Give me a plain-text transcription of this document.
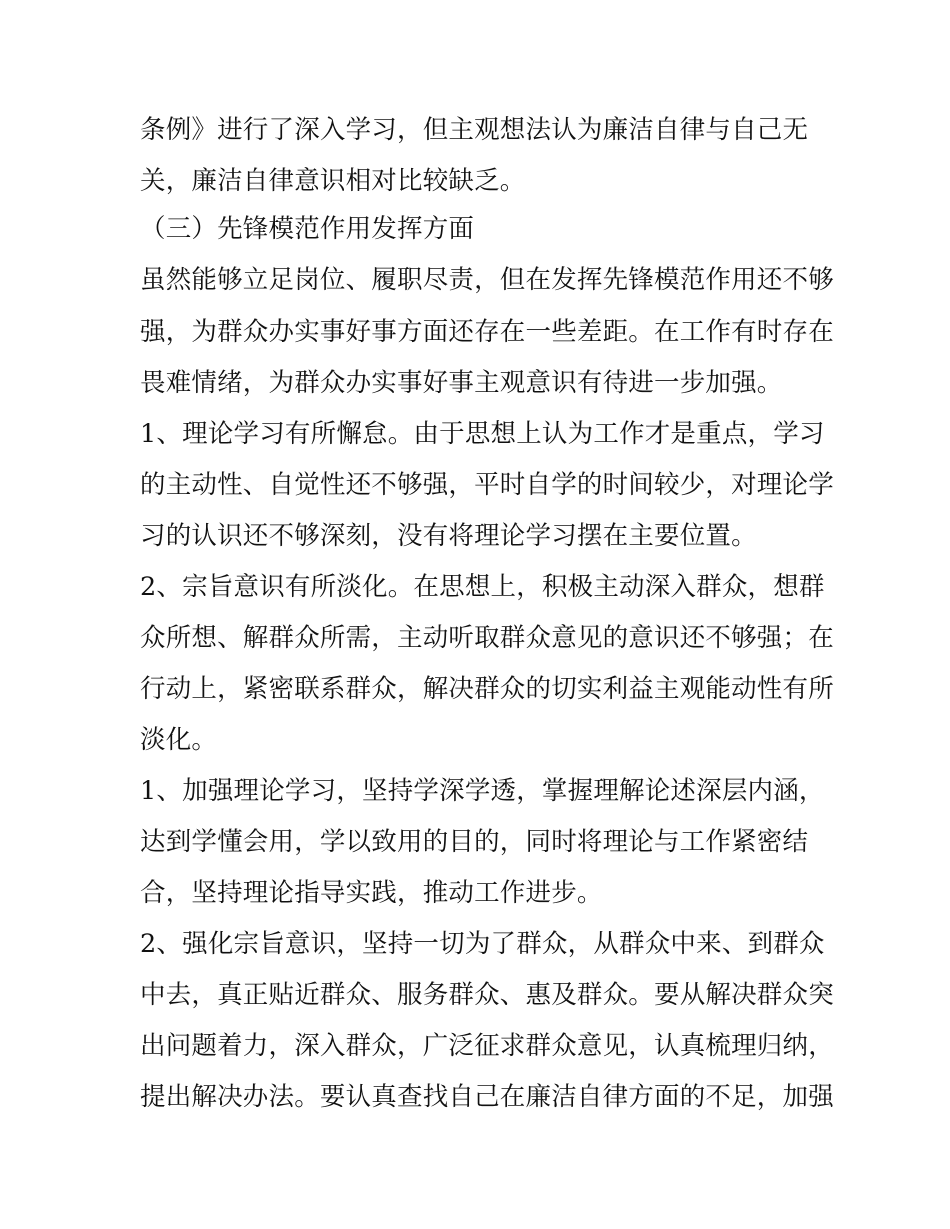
条例》进行了深入学习，但主观想法认为廉洁自律与自己无
关，廉洁自律意识相对比较缺乏。
（三）先锋模范作用发挥方面
虽然能够立足岗位、履职尽责，但在发挥先锋模范作用还不够
强，为群众办实事好事方面还存在一些差距。在工作有时存在
畏难情绪，为群众办实事好事主观意识有待进一步加强。
1、理论学习有所懈怠。由于思想上认为工作才是重点，学习
的主动性、自觉性还不够强，平时自学的时间较少，对理论学
习的认识还不够深刻，没有将理论学习摆在主要位置。
2、宗旨意识有所淡化。在思想上，积极主动深入群众，想群
众所想、解群众所需，主动听取群众意见的意识还不够强；在
行动上，紧密联系群众，解决群众的切实利益主观能动性有所
淡化。
1、加强理论学习，坚持学深学透，掌握理解论述深层内涵，
达到学懂会用，学以致用的目的，同时将理论与工作紧密结
合，坚持理论指导实践，推动工作进步。
2、强化宗旨意识，坚持一切为了群众，从群众中来、到群众
中去，真正贴近群众、服务群众、惠及群众。要从解决群众突
出问题着力，深入群众，广泛征求群众意见，认真梳理归纳，
提出解决办法。要认真查找自己在廉洁自律方面的不足，加强
